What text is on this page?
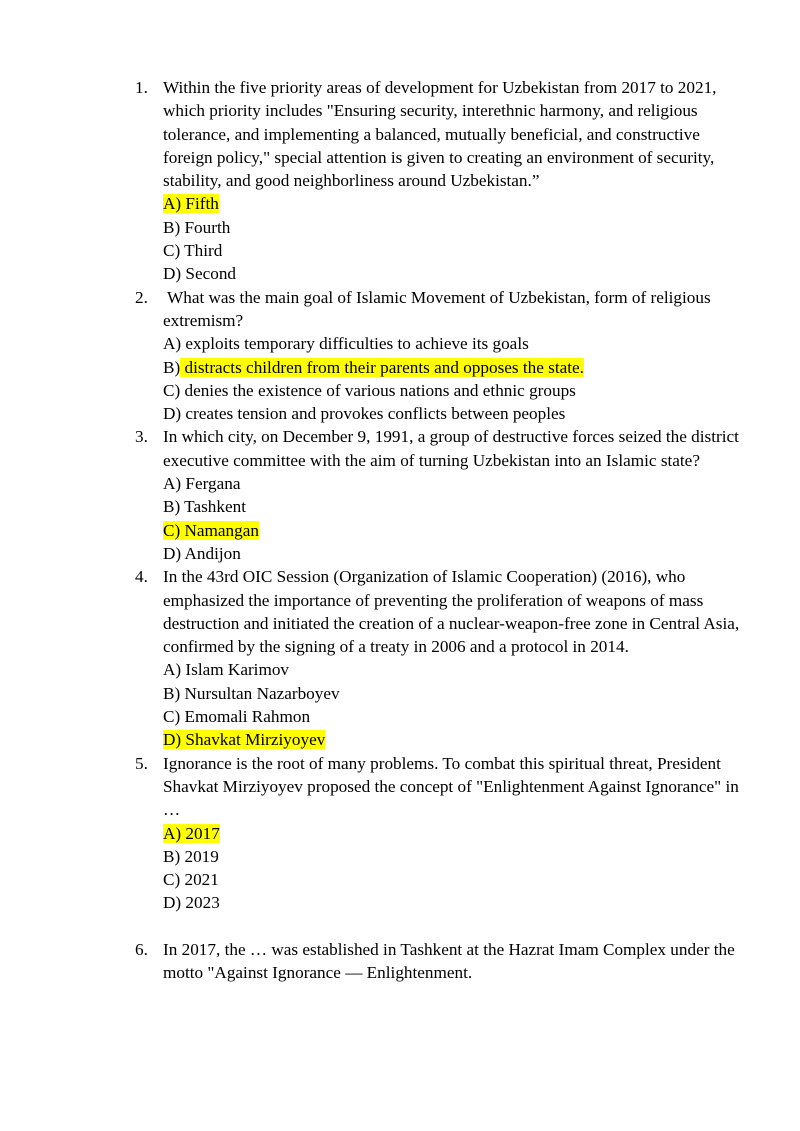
1. Within the five priority areas of development for Uzbekistan from 2017 to 2021, which priority includes "Ensuring security, interethnic harmony, and religious tolerance, and implementing a balanced, mutually beneficial, and constructive foreign policy," special attention is given to creating an environment of security, stability, and good neighborliness around Uzbekistan.”
A) Fifth
B) Fourth
C) Third
D) Second
2. What was the main goal of Islamic Movement of Uzbekistan, form of religious extremism?
A) exploits temporary difficulties to achieve its goals
B) distracts children from their parents and opposes the state.
C) denies the existence of various nations and ethnic groups
D) creates tension and provokes conflicts between peoples
3. In which city, on December 9, 1991, a group of destructive forces seized the district executive committee with the aim of turning Uzbekistan into an Islamic state?
A) Fergana
B) Tashkent
C) Namangan
D) Andijon
4. In the 43rd OIC Session (Organization of Islamic Cooperation) (2016), who emphasized the importance of preventing the proliferation of weapons of mass destruction and initiated the creation of a nuclear-weapon-free zone in Central Asia, confirmed by the signing of a treaty in 2006 and a protocol in 2014.
A) Islam Karimov
B) Nursultan Nazarboyev
C) Emomali Rahmon
D) Shavkat Mirziyoyev
5. Ignorance is the root of many problems. To combat this spiritual threat, President Shavkat Mirziyoyev proposed the concept of "Enlightenment Against Ignorance" in …
A) 2017
B) 2019
C) 2021
D) 2023
6. In 2017, the … was established in Tashkent at the Hazrat Imam Complex under the motto "Against Ignorance — Enlightenment.
